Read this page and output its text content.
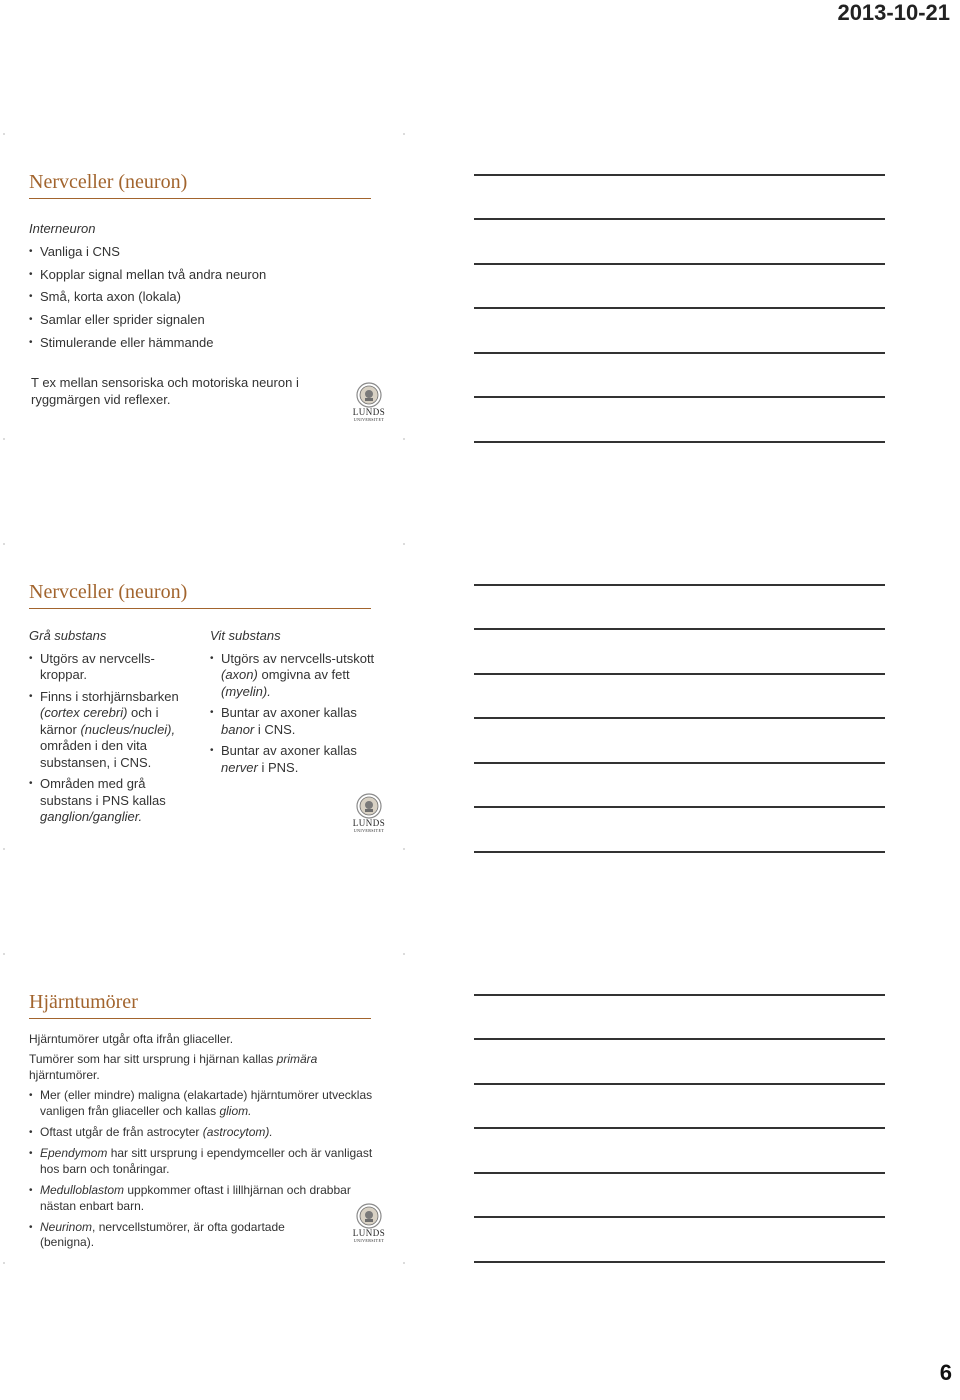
2013-10-21
Nervceller (neuron)
Interneuron
• Vanliga i CNS
• Kopplar signal mellan två andra neuron
• Små, korta axon (lokala)
• Samlar eller sprider signalen
• Stimulerande eller hämmande
T ex mellan sensoriska och motoriska neuron i
ryggmärgen vid reflexer.
LUNDS
UNIVERSITET
Nervceller (neuron)
Grå substans
• Utgörs av nervcells-kroppar.
• Finns i storhjärnsbarken (cortex cerebri) och i kärnor (nucleus/nuclei), områden i den vita substansen, i CNS.
• Områden med grå substans i PNS kallas ganglion/ganglier.
Vit substans
• Utgörs av nervcells-utskott (axon) omgivna av fett (myelin).
• Buntar av axoner kallas banor i CNS.
• Buntar av axoner kallas nerver i PNS.
LUNDS
UNIVERSITET
Hjärntumörer
Hjärntumörer utgår ofta ifrån gliaceller.
Tumörer som har sitt ursprung i hjärnan kallas primära hjärntumörer.
• Mer (eller mindre) maligna (elakartade) hjärntumörer utvecklas vanligen från gliaceller och kallas gliom.
• Oftast utgår de från astrocyter (astrocytom).
• Ependymom har sitt ursprung i ependymceller och är vanligast hos barn och tonåringar.
• Medulloblastom uppkommer oftast i lillhjärnan och drabbar nästan enbart barn.
• Neurinom, nervcellstumörer, är ofta godartade (benigna).
LUNDS
UNIVERSITET
6
